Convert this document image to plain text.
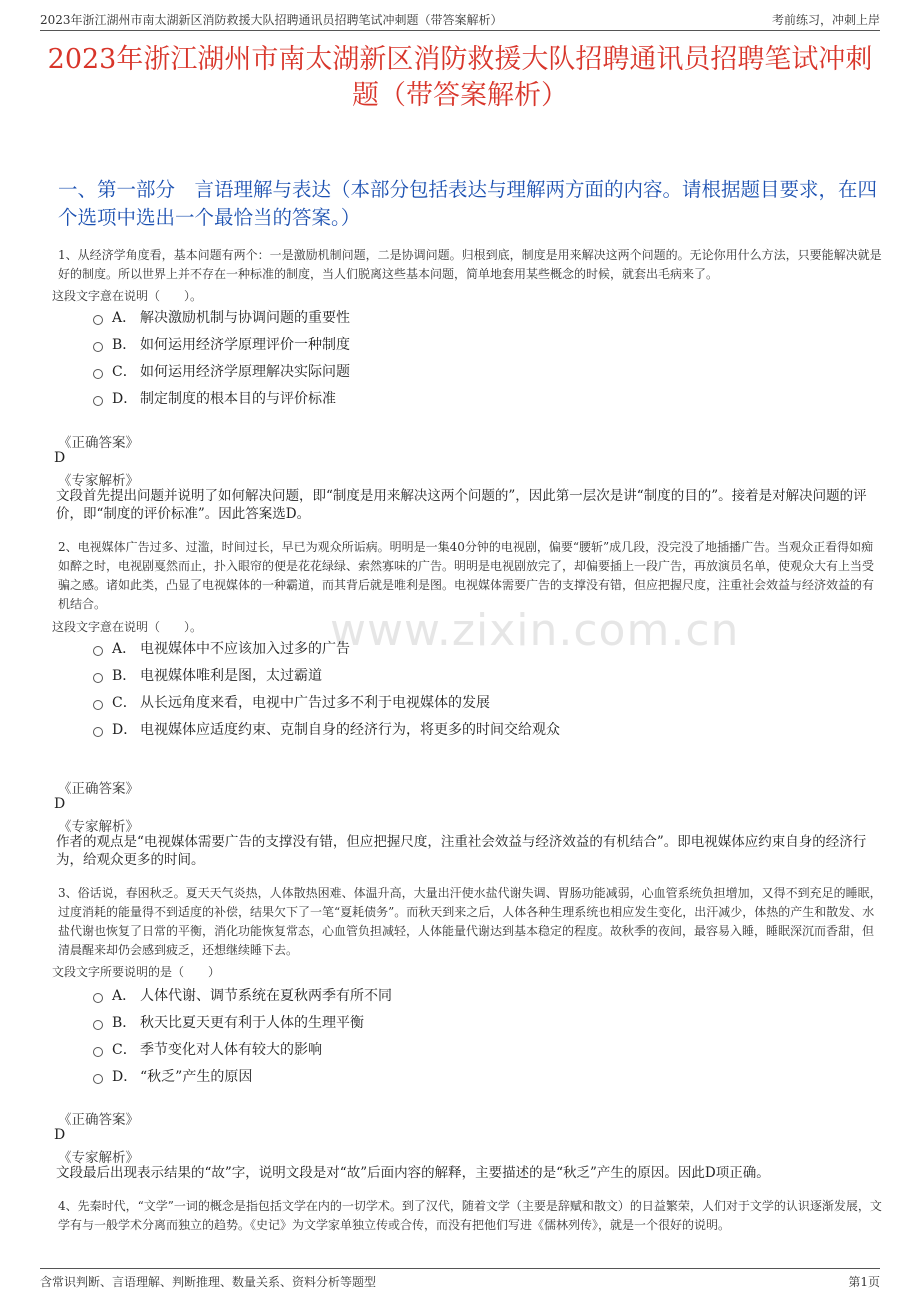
2023年浙江湖州市南太湖新区消防救援大队招聘通讯员招聘笔试冲刺题（带答案解析）	考前练习，冲刺上岸
2023年浙江湖州市南太湖新区消防救援大队招聘通讯员招聘笔试冲刺题（带答案解析）
一、第一部分　言语理解与表达（本部分包括表达与理解两方面的内容。请根据题目要求，在四个选项中选出一个最恰当的答案。）
www.zixin.com.cn
1、从经济学角度看，基本问题有两个：一是激励机制问题，二是协调问题。归根到底，制度是用来解决这两个问题的。无论你用什么方法，只要能解决就是好的制度。所以世界上并不存在一种标准的制度，当人们脱离这些基本问题，简单地套用某些概念的时候，就套出毛病来了。
这段文字意在说明（　　）。
A． 解决激励机制与协调问题的重要性
B． 如何运用经济学原理评价一种制度
C． 如何运用经济学原理解决实际问题
D． 制定制度的根本目的与评价标准
《正确答案》
D
《专家解析》
文段首先提出问题并说明了如何解决问题，即“制度是用来解决这两个问题的”，因此第一层次是讲“制度的目的”。接着是对解决问题的评价，即“制度的评价标准”。因此答案选D。
2、电视媒体广告过多、过滥，时间过长，早已为观众所诟病。明明是一集40分钟的电视剧，偏要“腰斩”成几段，没完没了地插播广告。当观众正看得如痴如醉之时，电视剧戛然而止，扑入眼帘的便是花花绿绿、索然寡味的广告。明明是电视剧放完了，却偏要插上一段广告，再放演员名单，使观众大有上当受骗之感。诸如此类，凸显了电视媒体的一种霸道，而其背后就是唯利是图。电视媒体需要广告的支撑没有错，但应把握尺度，注重社会效益与经济效益的有机结合。
这段文字意在说明（　　）。
A． 电视媒体中不应该加入过多的广告
B． 电视媒体唯利是图，太过霸道
C． 从长远角度来看，电视中广告过多不利于电视媒体的发展
D． 电视媒体应适度约束、克制自身的经济行为，将更多的时间交给观众
《正确答案》
D
《专家解析》
作者的观点是“电视媒体需要广告的支撑没有错，但应把握尺度，注重社会效益与经济效益的有机结合”。即电视媒体应约束自身的经济行为，给观众更多的时间。
3、俗话说，春困秋乏。夏天天气炎热，人体散热困难、体温升高，大量出汗使水盐代谢失调、胃肠功能减弱，心血管系统负担增加，又得不到充足的睡眠，过度消耗的能量得不到适度的补偿，结果欠下了一笔“夏耗债务”。而秋天到来之后，人体各种生理系统也相应发生变化，出汗减少，体热的产生和散发、水盐代谢也恢复了日常的平衡，消化功能恢复常态，心血管负担减轻，人体能量代谢达到基本稳定的程度。故秋季的夜间，最容易入睡，睡眠深沉而香甜，但清晨醒来却仍会感到疲乏，还想继续睡下去。
文段文字所要说明的是（　　）
A． 人体代谢、调节系统在夏秋两季有所不同
B． 秋天比夏天更有利于人体的生理平衡
C． 季节变化对人体有较大的影响
D． “秋乏”产生的原因
《正确答案》
D
《专家解析》
文段最后出现表示结果的“故”字，说明文段是对“故”后面内容的解释，主要描述的是“秋乏”产生的原因。因此D项正确。
4、先秦时代，“文学”一词的概念是指包括文学在内的一切学术。到了汉代，随着文学（主要是辞赋和散文）的日益繁荣，人们对于文学的认识逐渐发展，文学有与一般学术分离而独立的趋势。《史记》为文学家单独立传或合传，而没有把他们写进《儒林列传》，就是一个很好的说明。
含常识判断、言语理解、判断推理、数量关系、资料分析等题型	第1页
